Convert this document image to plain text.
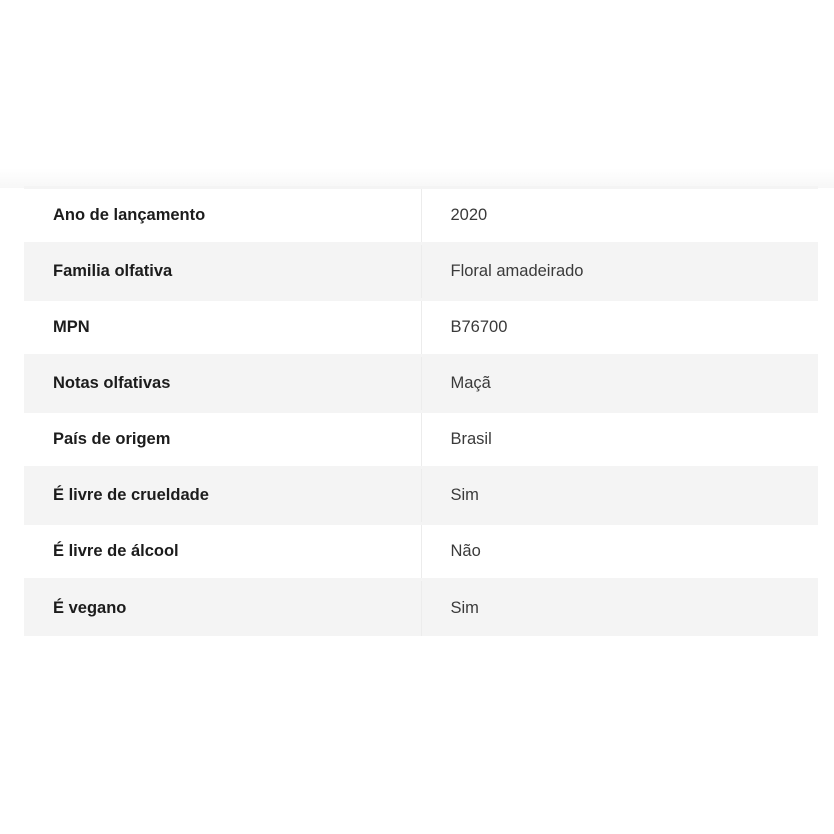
Ano de lançamento	2020
Familia olfativa	Floral amadeirado
MPN	B76700
Notas olfativas	Maçã
País de origem	Brasil
É livre de crueldade	Sim
É livre de álcool	Não
É vegano	Sim
